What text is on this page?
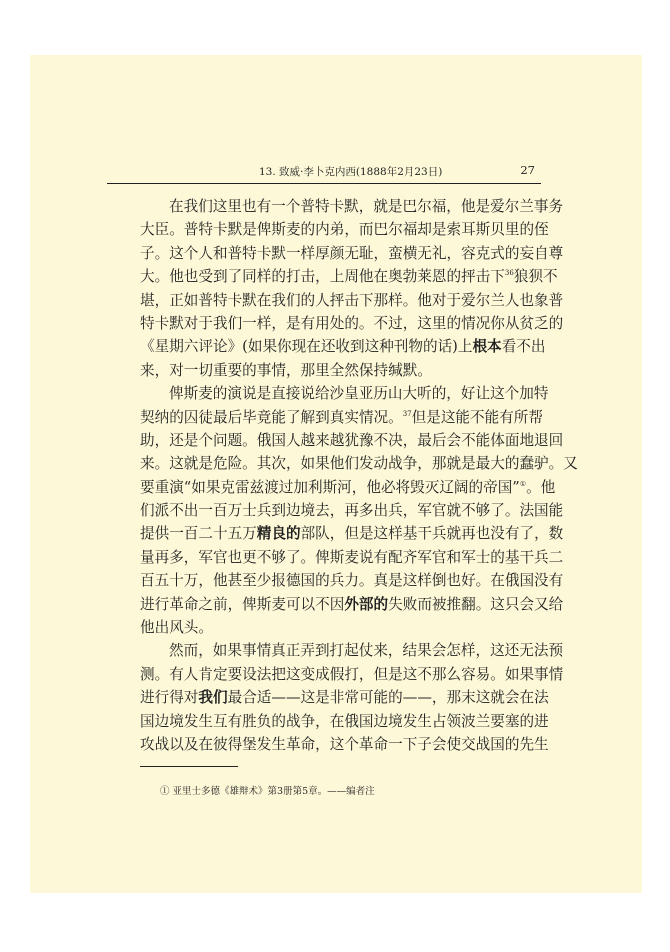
13. 致威·李卜克内西(1888年2月23日)	27
在我们这里也有一个普特卡默，就是巴尔福，他是爱尔兰事务
大臣。普特卡默是俾斯麦的内弟，而巴尔福却是索耳斯贝里的侄
子。这个人和普特卡默一样厚颜无耻，蛮横无礼，容克式的妄自尊
大。他也受到了同样的打击，上周他在奥勃莱恩的抨击下$^{36}$狼狈不
堪，正如普特卡默在我们的人抨击下那样。他对于爱尔兰人也象普
特卡默对于我们一样，是有用处的。不过，这里的情况你从贫乏的
《星期六评论》(如果你现在还收到这种刊物的话)上根本看不出
来，对一切重要的事情，那里全然保持缄默。
俾斯麦的演说是直接说给沙皇亚历山大听的，好让这个加特
契纳的囚徒最后毕竟能了解到真实情况。$^{37}$但是这能不能有所帮
助，还是个问题。俄国人越来越犹豫不决，最后会不能体面地退回
来。这就是危险。其次，如果他们发动战争，那就是最大的蠢驴。又
要重演“如果克雷兹渡过加利斯河，他必将毁灭辽阔的帝国”①。他
们派不出一百万士兵到边境去，再多出兵，军官就不够了。法国能
提供一百二十五万精良的部队，但是这样基干兵就再也没有了，数
量再多，军官也更不够了。俾斯麦说有配齐军官和军士的基干兵二
百五十万，他甚至少报德国的兵力。真是这样倒也好。在俄国没有
进行革命之前，俾斯麦可以不因外部的失败而被推翻。这只会又给
他出风头。
然而，如果事情真正弄到打起仗来，结果会怎样，这还无法预
测。有人肯定要设法把这变成假打，但是这不那么容易。如果事情
进行得对我们最合适——这是非常可能的——，那末这就会在法
国边境发生互有胜负的战争，在俄国边境发生占领波兰要塞的进
攻战以及在彼得堡发生革命，这个革命一下子会使交战国的先生
① 亚里士多德《雄辩术》第3册第5章。——编者注
